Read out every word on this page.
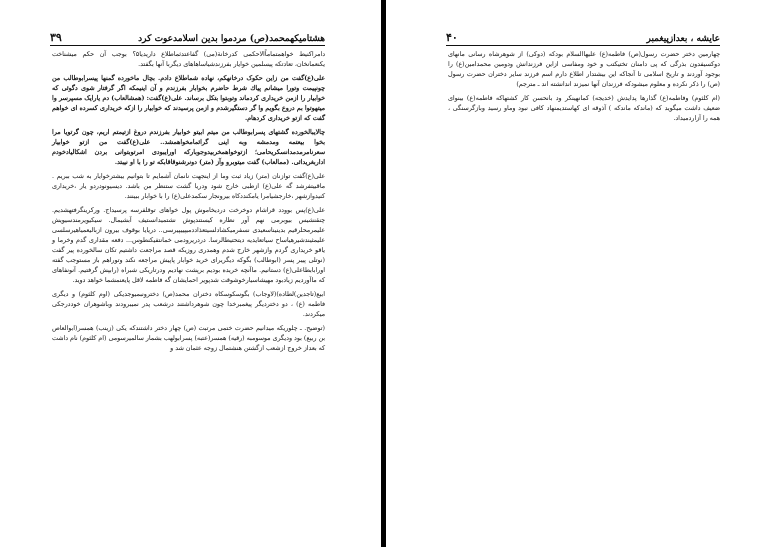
۳۹	هشتامیکهمحمد(ص) مردموا بدین اسلامدعوت کرد

دامراکنیط خواهمتماماًالاحکمی کدرخانة(می) گفاعتدثماطلاع داریدیا۵؟ بوجب آن حکم میشناخت یکنعمانخان، تعادتکه پیسلمین خوایار بفرزندشیاساهاهای دیگربا آنها بگفتد.

علی(ع)گفت من زاین حکوک درخانهکم، نهاده شماطلاع دادم. بچال ماخورده گمنها پیسرابوطالب من چونپیمت وتورا میشانم پیاك شرط حاضرم بخوابار بفرزندم و آن اینیمکه اگر گرفتار شوی دگوئی که خوابیار را ازمن خریداری کردماند وتوبتوا بتکل برساند. علی(ع)گفت: (همشالعاب) دم یارایک مسپرسر وا میتهوتوا بم دروع بگویم وا گر دستگیرشدم و ازمن پرسیدند که خوابیار را ازکه خریداری کسرده ای خواهم گفت که ازتو خریداری کردهام.

چالایبالخورده گشتهای پسرابوطالب من میتم ابیتو خوابیار بفرزندم دروغ ازتیمتم اریم، چون گرتویا مرا بخوا بیعتمه ومدمشه وبه اینی گرائمامخواهمشد.. علی(ع)گفت من ازتو خوابیار سعرنامرمدمدانسکریحامی؛ ازتوخواهمخربیدوجوبارکه اورایبودی امرتوبتوانی بردن اشکالیادخودم اداربغریدائی. (ممالعاب) گفت میتوبرو وآز (متر) دونرشنوقاقابکه تو را با او نیبتد.

علی(ع)گفت توازنان (متر) زیاد ثبت وما از اینجهت نانمان آشمایم تا بتوانیم بیشترخوایار به شب ببریم . ماقبیتفرشد گه علی(ع) ازطبی خارج شود ودریا گشت ستنظر من باشد. دیسیونودردو یار ،خریداری کنیدوازشهر ،خارجشیامرا یامکنددکاه بیرونجار سکمدعلی(ع) را با خوابار ببینند.

علی(ع)پس بوودد قراشام دوخرخت دردیخاموش پول خواهای توقلفرسه پرسیداج. ورکرینگرفتهشدیم. چنقنشیس بیوبرمی نهم آور نظاره کیستندپوش نشتمیدانستیف آبشیمال. سیکیویرمندسیویش علیمرمحلرقیم بدینیناسعیدی نسفرمیکشادلسیتعذاددمیپییپیرسی.. دریایا بوقوف بیرون ازبالیعمیاهیرسلسی علیمثیندشیرهیاساح سیاتعایدیه دیتحتیطالرسا. دردریرودمی خمانتفیکنطوس... دفعه مقداری گدم وخرما و یاقو خریداری گردم وازشهر خارج شدم وهمدری روزیکه قصد مراجعت داشتیم تکان سالخورده پیر گفت (نوتلی پیبر پسر (ابوطالب) بگوکه دیگریرای خرید خوابار پاپیش مراجعه نکند وتوراهم باز مستوجب گفته اورابابطاعلی(ع) دستانیم. ماآنچه خریده بودیم برپشت نهادیم ودرتاریکی شبراه (رابپش گرفتیم. آنونفاهای که ماآوردیم زیادبود مهیشاسیارخوشوقت شدپویر احمایشان گه فاطمه لاقل پایعنمشما خواهد دوید.

ابیع(تاجدین)لطاده)(لاوجاب) بگوسکوسکاه دختران محمد(ص) دخترونبمیوجدیکی (اوم کلثوم) و دیگری فاطمه (ع) ، دو دختردیگر پیغمبرخدا چون شوهرداشتند درشعب پدر نمیبرودند وباشوهران خوددرجکی میکردند.

(توضیح. ـ چلوریکه میدانیم حضرت ختمی مرتبت (ص) چهار دختر داشتندکه یکی (زینب) همسر(ابوالعاص بن ربیع) بود ودیگری موسومبه (رقیه) همسر(عتبه) پسرابولهب بشمار سالمیرسومی (ام کلثوم) نام داشت که بعداز خروج ازشعب ازگشتن هنشتمال زوجه عثمان شد و

۴۰	عایشه ، بعدازپیغمبر

چهارمین دختر حضرت رسول(ص) فاطمه(ع) علیهاالسلام بودکه (دوکی) از شوهرشاه رسانی مانهای دوکسیفدون بذرگی که پی دامنان تختیکتب و خود ومفاسی ازاین فرزندانش ودومین محمدامین(ع) را بوجود آوردند و تاریخ اسلامی تا آنجاکه این بیشتدار اطلاع دارم اسم فرزند سایر دختران حضرت رسول (ص) را ذکر نکرده و معلوم میشودکه فرزندان آنها نمیزند اندانشته اند ـ مترجم)

(ام کلثوم) وفاطمه(ع) گذارها پدایدش (خدیجه) کمانهینکر ود بانحسن کار کشتهاکه فاطمه(ع) بینوای ضعیف داشت میگوید که (ماندکه ماندکه ) آذوقه ای کهاستدیمنهاد کافی نبود وماو رسید وبازگرسنگی ، همه را آزاردمیداد.
